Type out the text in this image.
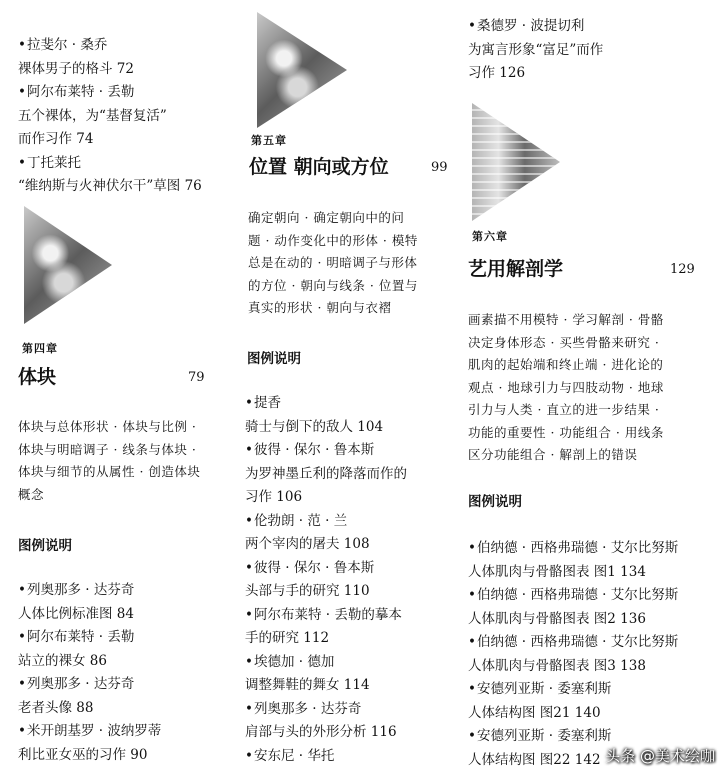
• 拉斐尔 · 桑乔
裸体男子的格斗 72
• 阿尔布莱特 · 丢勒
五个裸体，为“基督复活”
而作习作 74
• 丁托莱托
“维纳斯与火神伏尔干”草图 76
第四章
体块	79
体块与总体形状 · 体块与比例 ·
体块与明暗调子 · 线条与体块 ·
体块与细节的从属性 · 创造体块
概念
图例说明
• 列奥那多 · 达芬奇
人体比例标准图 84
• 阿尔布莱特 · 丢勒
站立的裸女 86
• 列奥那多 · 达芬奇
老者头像 88
• 米开朗基罗 · 波纳罗蒂
利比亚女巫的习作 90
第五章
位置 朝向或方位	99
确定朝向 · 确定朝向中的问
题 · 动作变化中的形体 · 模特
总是在动的 · 明暗调子与形体
的方位 · 朝向与线条 · 位置与
真实的形状 · 朝向与衣褶
图例说明
• 提香
骑士与倒下的敌人 104
• 彼得 · 保尔 · 鲁本斯
为罗神墨丘利的降落而作的
习作 106
• 伦勃朗 · 范 · 兰
两个宰肉的屠夫 108
• 彼得 · 保尔 · 鲁本斯
头部与手的研究 110
• 阿尔布莱特 · 丢勒的摹本
手的研究 112
• 埃德加 · 德加
调整舞鞋的舞女 114
• 列奥那多 · 达芬奇
肩部与头的外形分析 116
• 安东尼 · 华托
• 桑德罗 · 波提切利
为寓言形象“富足”而作
习作 126
第六章
艺用解剖学	129
画素描不用模特 · 学习解剖 · 骨骼
决定身体形态 · 买些骨骼来研究 ·
肌肉的起始端和终止端 · 进化论的
观点 · 地球引力与四肢动物 · 地球
引力与人类 · 直立的进一步结果 ·
功能的重要性 · 功能组合 · 用线条
区分功能组合 · 解剖上的错误
图例说明
• 伯纳德 · 西格弗瑞德 · 艾尔比努斯
人体肌肉与骨骼图表 图1 134
• 伯纳德 · 西格弗瑞德 · 艾尔比努斯
人体肌肉与骨骼图表 图2 136
• 伯纳德 · 西格弗瑞德 · 艾尔比努斯
人体肌肉与骨骼图表 图3 138
• 安德列亚斯 · 委塞利斯
人体结构图 图21 140
• 安德列亚斯 · 委塞利斯
人体结构图 图22 142 头条 @美术绘咖
